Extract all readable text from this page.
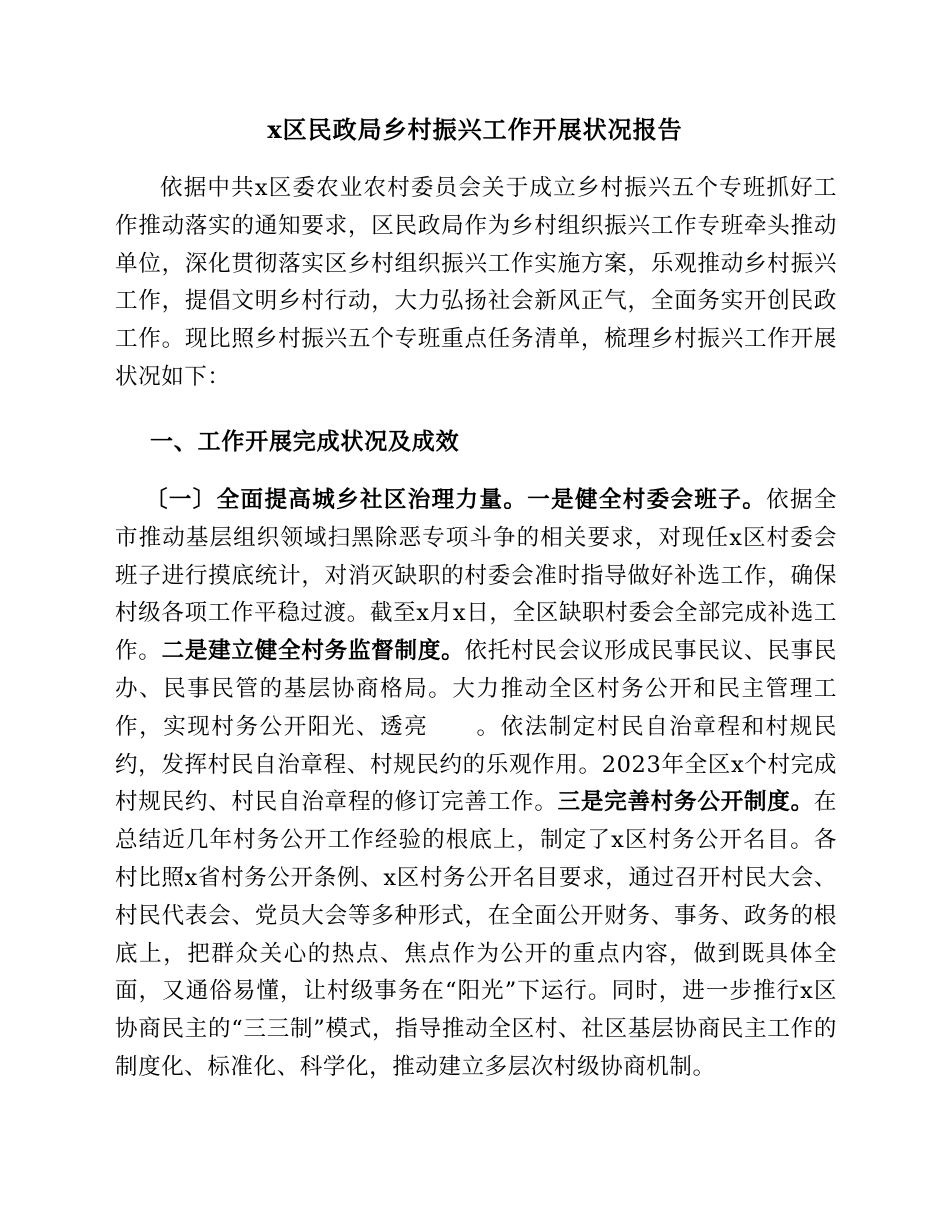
x区民政局乡村振兴工作开展状况报告

依据中共x区委农业农村委员会关于成立乡村振兴五个专班抓好工作推动落实的通知要求，区民政局作为乡村组织振兴工作专班牵头推动单位，深化贯彻落实区乡村组织振兴工作实施方案，乐观推动乡村振兴工作，提倡文明乡村行动，大力弘扬社会新风正气，全面务实开创民政工作。现比照乡村振兴五个专班重点任务清单，梳理乡村振兴工作开展状况如下：

一、工作开展完成状况及成效

〔一〕全面提高城乡社区治理力量。一是健全村委会班子。依据全市推动基层组织领域扫黑除恶专项斗争的相关要求，对现任x区村委会班子进行摸底统计，对消灭缺职的村委会准时指导做好补选工作，确保村级各项工作平稳过渡。截至x月x日，全区缺职村委会全部完成补选工作。二是建立健全村务监督制度。依托村民会议形成民事民议、民事民办、民事民管的基层协商格局。大力推动全区村务公开和民主管理工作，实现村务公开阳光、透亮　　。依法制定村民自治章程和村规民约，发挥村民自治章程、村规民约的乐观作用。2023年全区x个村完成村规民约、村民自治章程的修订完善工作。三是完善村务公开制度。在总结近几年村务公开工作经验的根底上，制定了x区村务公开名目。各村比照x省村务公开条例、x区村务公开名目要求，通过召开村民大会、村民代表会、党员大会等多种形式，在全面公开财务、事务、政务的根底上，把群众关心的热点、焦点作为公开的重点内容，做到既具体全面，又通俗易懂，让村级事务在“阳光”下运行。同时，进一步推行x区协商民主的“三三制”模式，指导推动全区村、社区基层协商民主工作的制度化、标准化、科学化，推动建立多层次村级协商机制。
